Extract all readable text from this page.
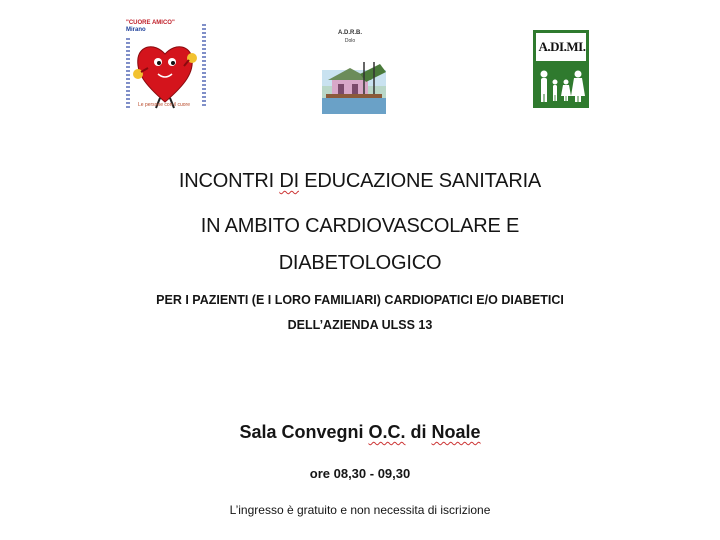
"CUORE AMICO"
Mirano
Le persone con il cuore
A.D.R.B.
Dolo	A.DI.MI.
INCONTRI DI EDUCAZIONE SANITARIA
IN AMBITO CARDIOVASCOLARE E
DIABETOLOGICO
PER I PAZIENTI (E I LORO FAMILIARI) CARDIOPATICI E/O DIABETICI
DELL’AZIENDA ULSS 13
Sala Convegni O.C. di Noale
ore 08,30 - 09,30
L’ingresso è gratuito e non necessita di iscrizione
